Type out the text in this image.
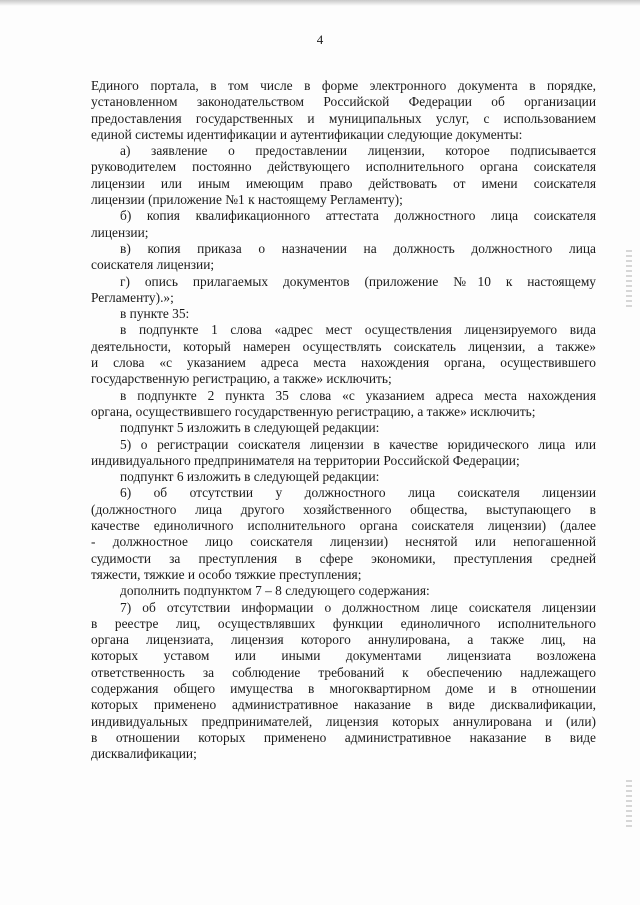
4
Единого портала, в том числе в форме электронного документа в порядке,
установленном законодательством Российской Федерации об организации
предоставления государственных и муниципальных услуг, с использованием
единой системы идентификации и аутентификации следующие документы:
а) заявление о предоставлении лицензии, которое подписывается
руководителем постоянно действующего исполнительного органа соискателя
лицензии или иным имеющим право действовать от имени соискателя
лицензии (приложение №1 к настоящему Регламенту);
б) копия квалификационного аттестата должностного лица соискателя
лицензии;
в) копия приказа о назначении на должность должностного лица
соискателя лицензии;
г) опись прилагаемых документов (приложение №10 к настоящему
Регламенту).»;
в пункте 35:
в подпункте 1 слова «адрес мест осуществления лицензируемого вида
деятельности, который намерен осуществлять соискатель лицензии, а также»
и слова «с указанием адреса места нахождения органа, осуществившего
государственную регистрацию, а также» исключить;
в подпункте 2 пункта 35 слова «с указанием адреса места нахождения
органа, осуществившего государственную регистрацию, а также» исключить;
подпункт 5 изложить в следующей редакции:
5) о регистрации соискателя лицензии в качестве юридического лица или
индивидуального предпринимателя на территории Российской Федерации;
подпункт 6 изложить в следующей редакции:
6) об отсутствии у должностного лица соискателя лицензии
(должностного лица другого хозяйственного общества, выступающего в
качестве единоличного исполнительного органа соискателя лицензии) (далее
- должностное лицо соискателя лицензии) неснятой или непогашенной
судимости за преступления в сфере экономики, преступления средней
тяжести, тяжкие и особо тяжкие преступления;
дополнить подпунктом 7 – 8 следующего содержания:
7) об отсутствии информации о должностном лице соискателя лицензии
в реестре лиц, осуществлявших функции единоличного исполнительного
органа лицензиата, лицензия которого аннулирована, а также лиц, на
которых уставом или иными документами лицензиата возложена
ответственность за соблюдение требований к обеспечению надлежащего
содержания общего имущества в многоквартирном доме и в отношении
которых применено административное наказание в виде дисквалификации,
индивидуальных предпринимателей, лицензия которых аннулирована и (или)
в отношении которых применено административное наказание в виде
дисквалификации;
